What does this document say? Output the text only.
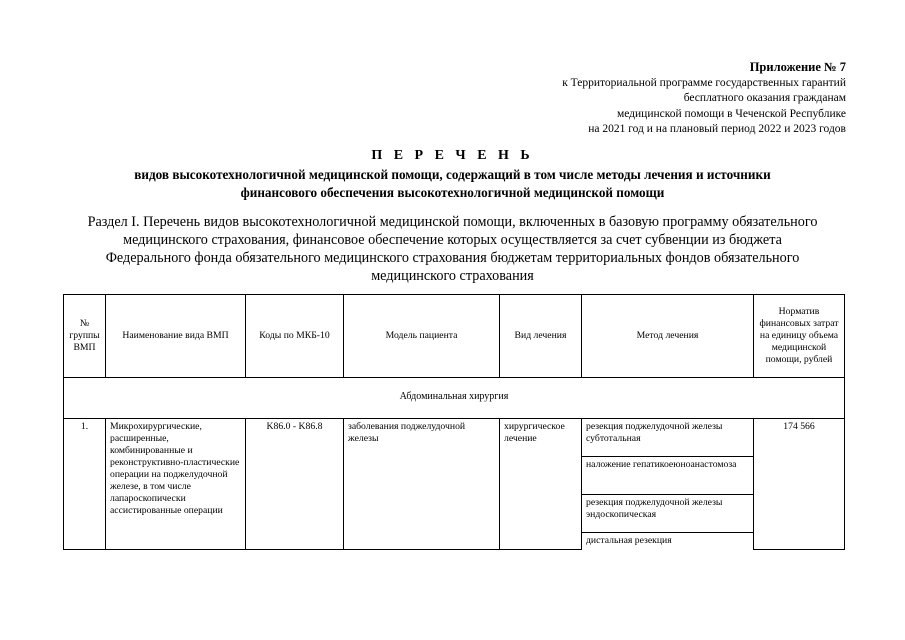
Приложение № 7
к Территориальной программе государственных гарантий
бесплатного оказания гражданам
медицинской помощи в Чеченской Республике
на 2021 год и на плановый период 2022 и 2023 годов
П Е Р Е Ч Е Н Ь
видов высокотехнологичной медицинской помощи, содержащий в том числе методы лечения и источники
финансового обеспечения высокотехнологичной медицинской помощи
Раздел I. Перечень видов высокотехнологичной медицинской помощи, включенных в базовую программу обязательного
медицинского страхования, финансовое обеспечение которых осуществляется за счет субвенции из бюджета
Федерального фонда обязательного медицинского страхования бюджетам территориальных фондов обязательного
медицинского страхования
№ группы ВМП	Наименование вида ВМП	Коды по МКБ-10	Модель пациента	Вид лечения	Метод лечения	Норматив финансовых затрат на единицу объема медицинской помощи, рублей
Абдоминальная хирургия						
1.	Микрохирургические, расширенные, комбинированные и реконструктивно-пластические операции на поджелудочной железе, в том числе лапароскопически ассистированные операции	K86.0 - K86.8	заболевания поджелудочной железы	хирургическое лечение	резекция поджелудочной железы субтотальная	174 566
					наложение гепатикоеюноанастомоза	
					резекция поджелудочной железы эндоскопическая	
					дистальная резекция	
